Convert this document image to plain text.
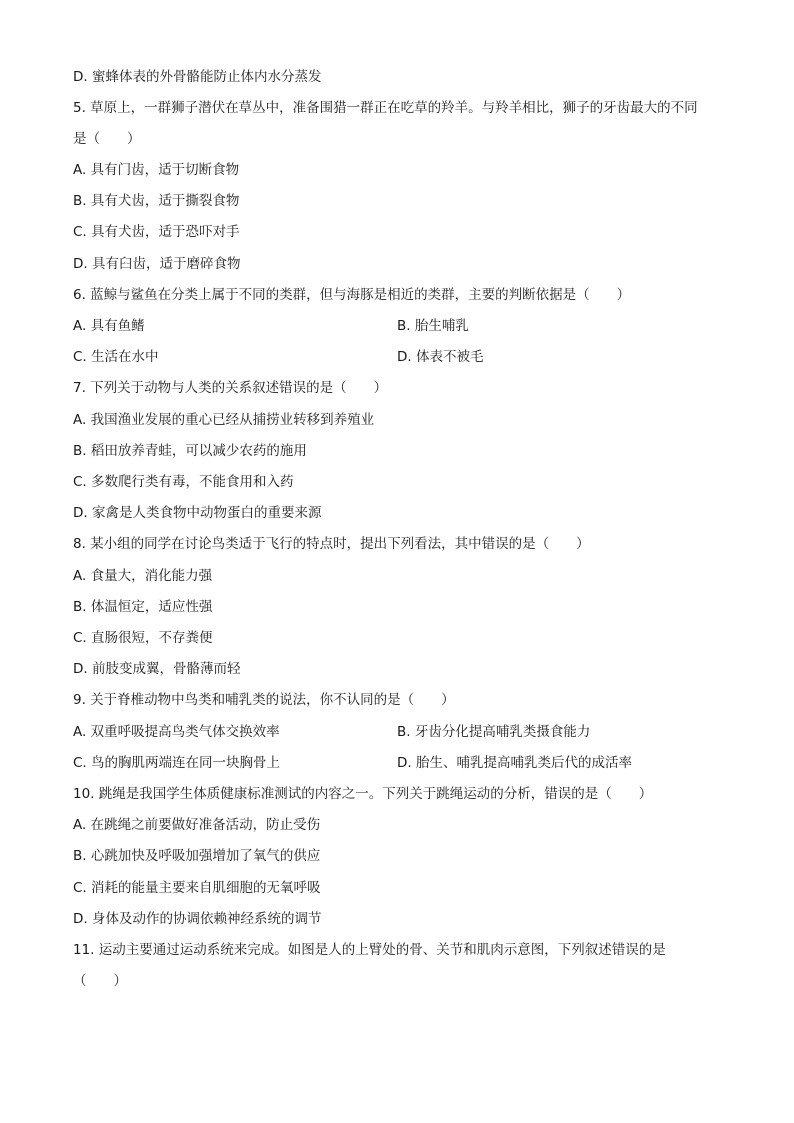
D. 蜜蜂体表的外骨骼能防止体内水分蒸发
5. 草原上，一群狮子潜伏在草丛中，准备围猎一群正在吃草的羚羊。与羚羊相比，狮子的牙齿最大的不同
是（　　）
A. 具有门齿，适于切断食物
B. 具有犬齿，适于撕裂食物
C. 具有犬齿，适于恐吓对手
D. 具有臼齿，适于磨碎食物
6. 蓝鲸与鲨鱼在分类上属于不同的类群，但与海豚是相近的类群，主要的判断依据是（　　）
A. 具有鱼鳍	B. 胎生哺乳
C. 生活在水中	D. 体表不被毛
7. 下列关于动物与人类的关系叙述错误的是（　　）
A. 我国渔业发展的重心已经从捕捞业转移到养殖业
B. 稻田放养青蛙，可以减少农药的施用
C. 多数爬行类有毒，不能食用和入药
D. 家禽是人类食物中动物蛋白的重要来源
8. 某小组的同学在讨论鸟类适于飞行的特点时，提出下列看法，其中错误的是（　　）
A. 食量大，消化能力强
B. 体温恒定，适应性强
C. 直肠很短，不存粪便
D. 前肢变成翼，骨骼薄而轻
9. 关于脊椎动物中鸟类和哺乳类的说法，你不认同的是（　　）
A. 双重呼吸提高鸟类气体交换效率	B. 牙齿分化提高哺乳类摄食能力
C. 鸟的胸肌两端连在同一块胸骨上	D. 胎生、哺乳提高哺乳类后代的成活率
10. 跳绳是我国学生体质健康标准测试的内容之一。下列关于跳绳运动的分析，错误的是（　　）
A. 在跳绳之前要做好准备活动，防止受伤
B. 心跳加快及呼吸加强增加了氧气的供应
C. 消耗的能量主要来自肌细胞的无氧呼吸
D. 身体及动作的协调依赖神经系统的调节
11. 运动主要通过运动系统来完成。如图是人的上臂处的骨、关节和肌肉示意图，下列叙述错误的是
（　　）
